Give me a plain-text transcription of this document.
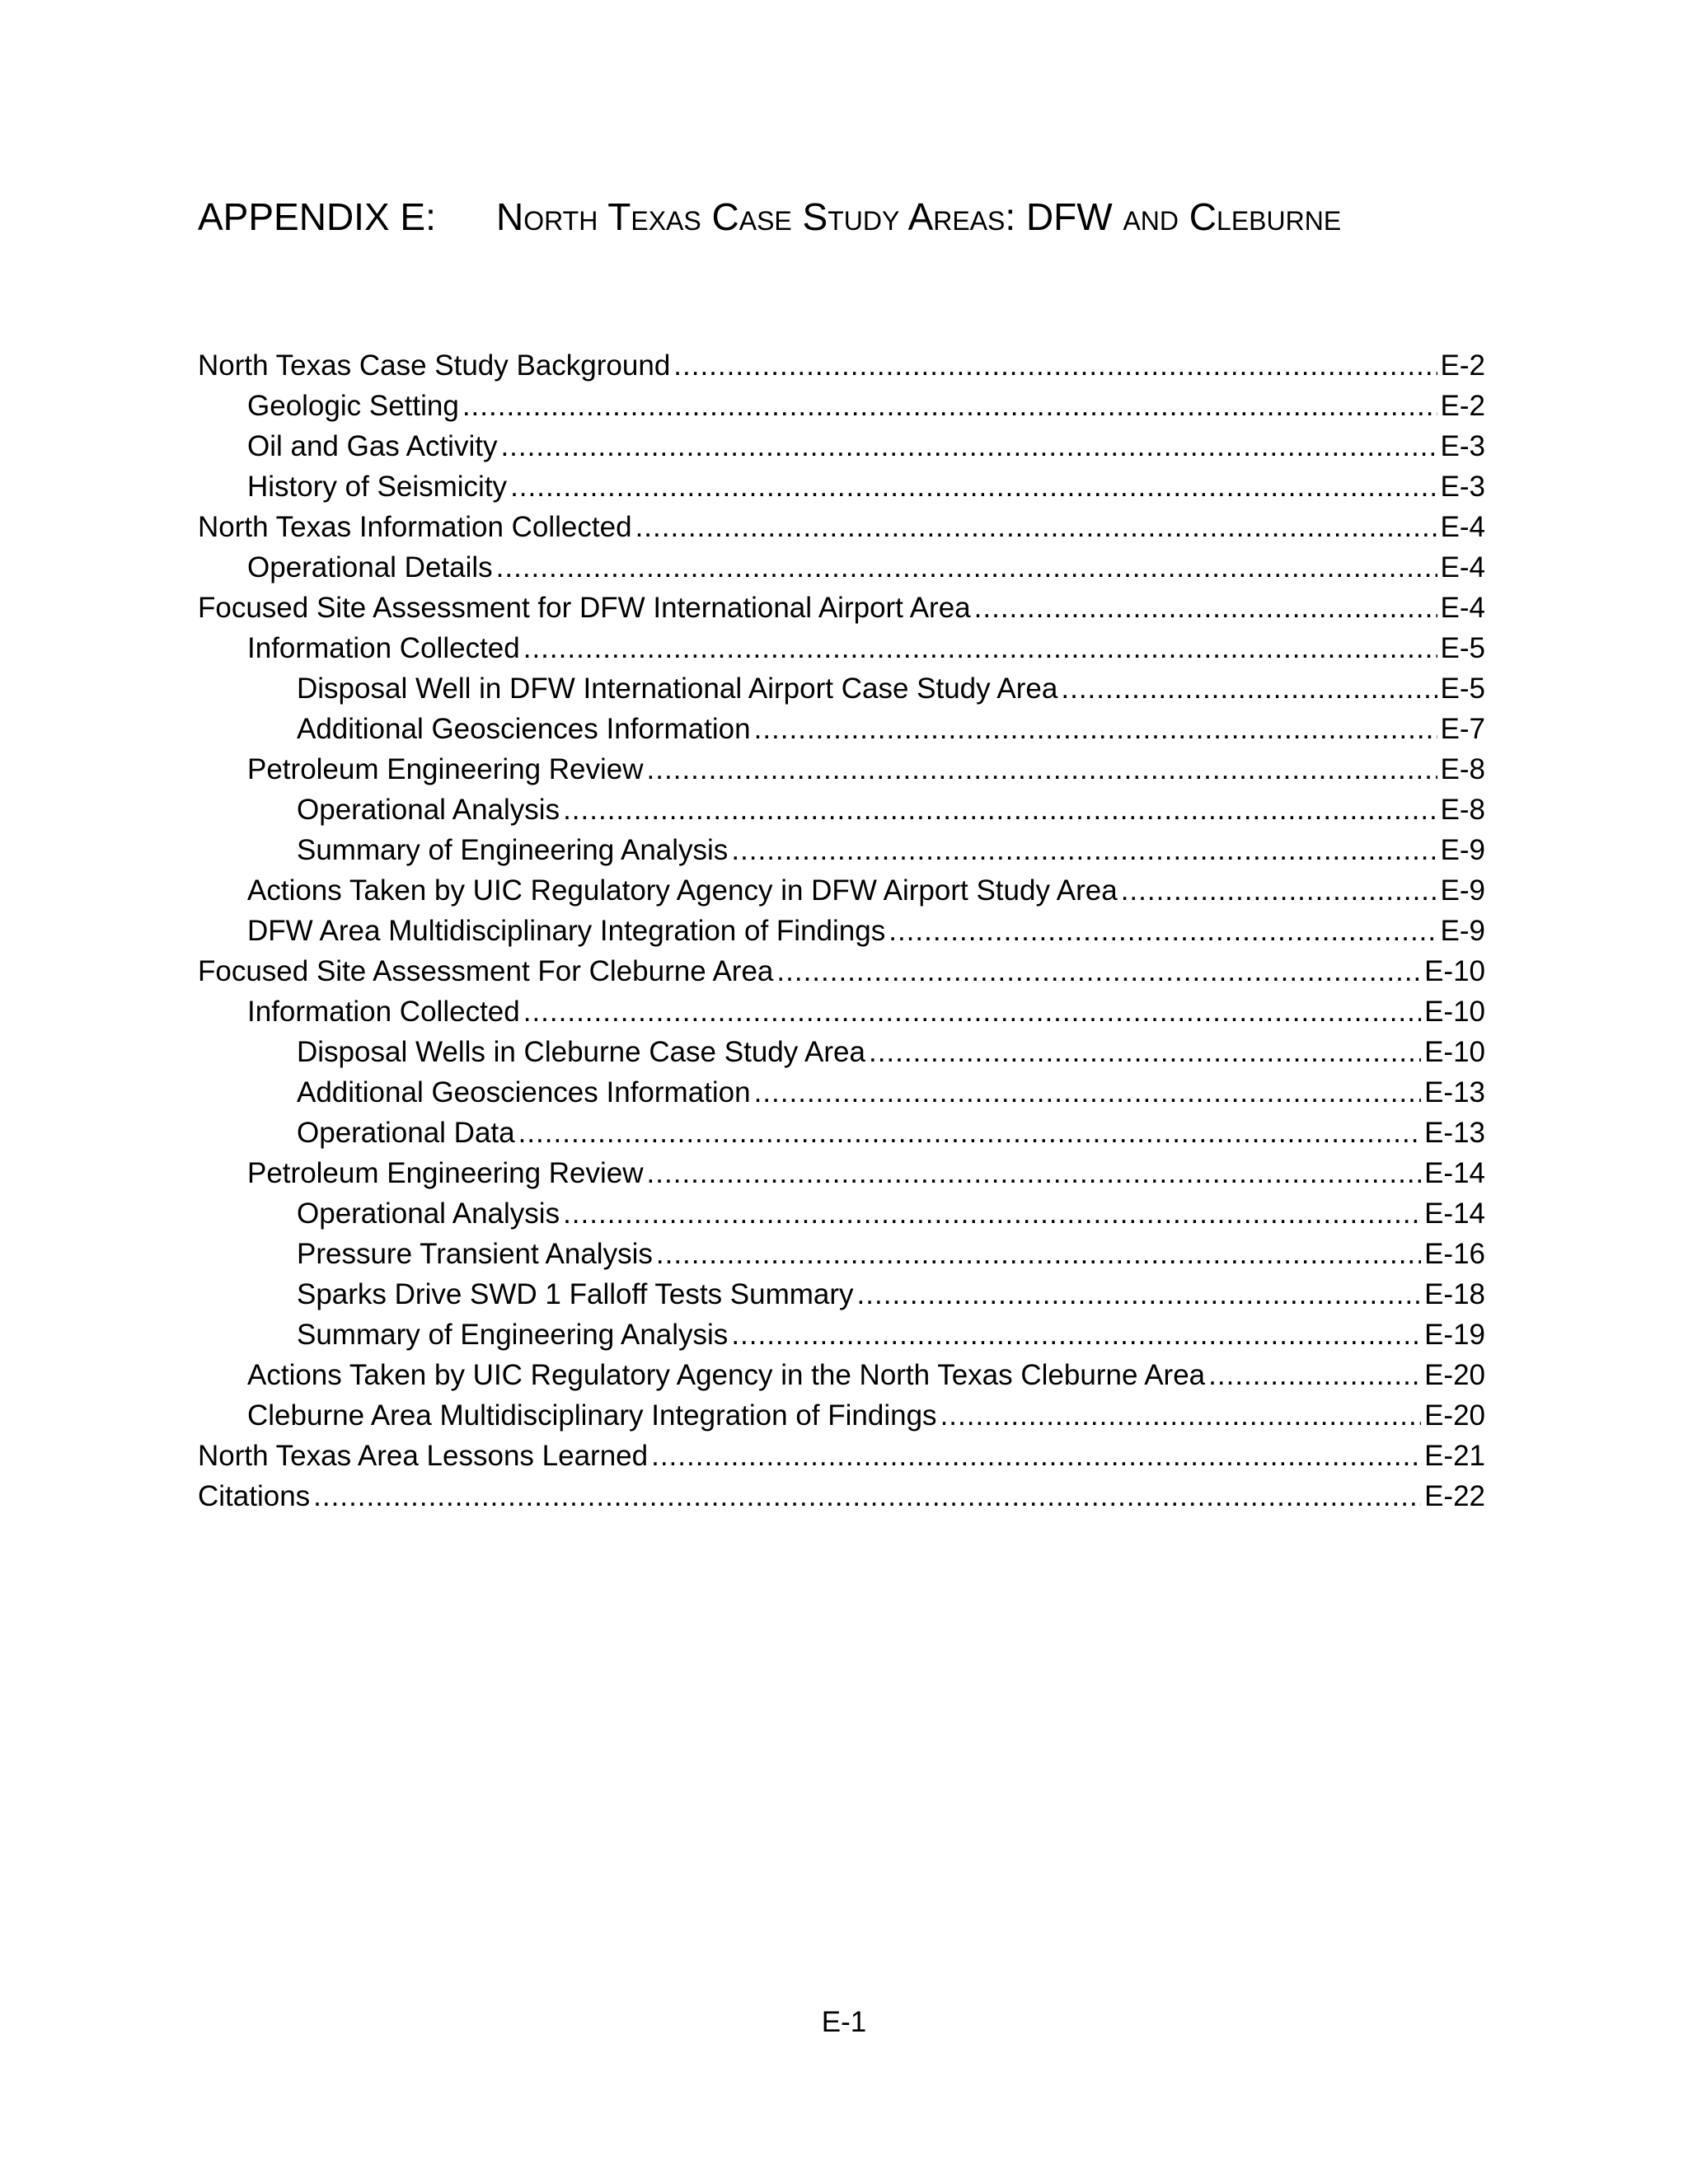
APPENDIX E: North Texas Case Study Areas: DFW and Cleburne
North Texas Case Study Background .....	E-2
Geologic Setting .....	E-2
Oil and Gas Activity .....	E-3
History of Seismicity .....	E-3
North Texas Information Collected .....	E-4
Operational Details .....	E-4
Focused Site Assessment for DFW International Airport Area .....	E-4
Information Collected .....	E-5
Disposal Well in DFW International Airport Case Study Area .....	E-5
Additional Geosciences Information .....	E-7
Petroleum Engineering Review .....	E-8
Operational Analysis .....	E-8
Summary of Engineering Analysis .....	E-9
Actions Taken by UIC Regulatory Agency in DFW Airport Study Area .....	E-9
DFW Area Multidisciplinary Integration of Findings .....	E-9
Focused Site Assessment For Cleburne Area .....	E-10
Information Collected .....	E-10
Disposal Wells in Cleburne Case Study Area .....	E-10
Additional Geosciences Information .....	E-13
Operational Data .....	E-13
Petroleum Engineering Review .....	E-14
Operational Analysis .....	E-14
Pressure Transient Analysis .....	E-16
Sparks Drive SWD 1 Falloff Tests Summary .....	E-18
Summary of Engineering Analysis .....	E-19
Actions Taken by UIC Regulatory Agency in the North Texas Cleburne Area .....	E-20
Cleburne Area Multidisciplinary Integration of Findings .....	E-20
North Texas Area Lessons Learned .....	E-21
Citations .....	E-22
E-1
